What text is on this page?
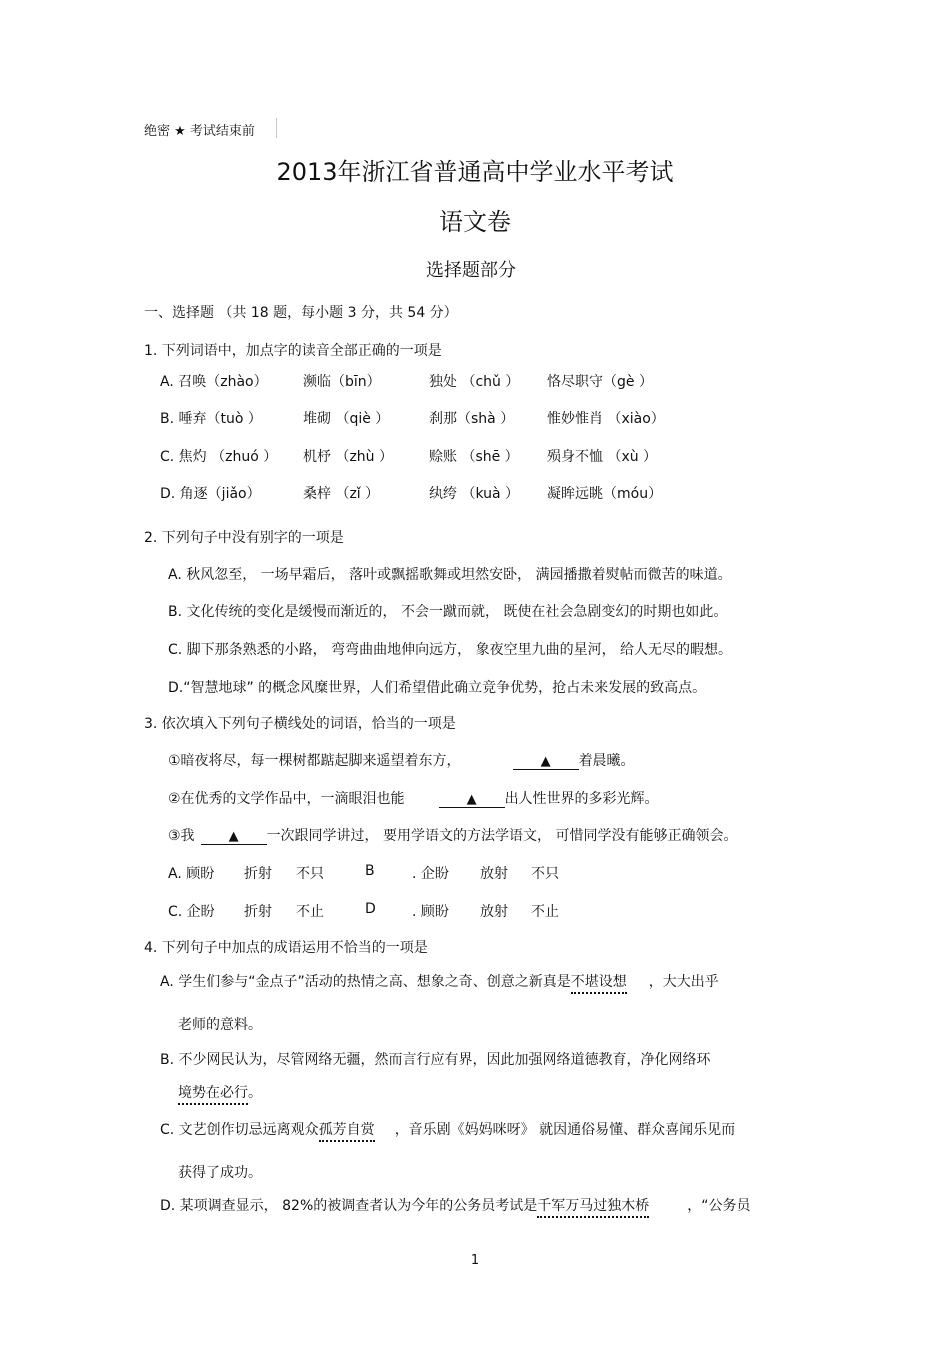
绝密 ★ 考试结束前
2013年浙江省普通高中学业水平考试
语文卷
选择题部分
一、选择题 （共 18 题，每小题 3 分，共 54 分）
1. 下列词语中，加点字的读音全部正确的一项是
A. 召唤（zhào）	濒临（bīn）	独处 （chǔ ） 恪尽职守（gè ）
B. 唾弃（tuò ）	堆砌 （qiè ）	刹那（shà ） 惟妙惟肖 （xiào）
C. 焦灼 （zhuó ） 机杼 （zhù ）	赊账 （shē ） 殒身不恤 （xù ）
D. 角逐（jiǎo）	桑梓 （zǐ ）	纨绔 （kuà ） 凝眸远眺（móu）
2. 下列句子中没有别字的一项是
A. 秋风忽至， 一场早霜后， 落叶或飘摇歌舞或坦然安卧， 满园播撒着熨帖而微苦的味道。
B. 文化传统的变化是缓慢而渐近的， 不会一蹴而就， 既使在社会急剧变幻的时期也如此。
C. 脚下那条熟悉的小路， 弯弯曲曲地伸向远方， 象夜空里九曲的星河， 给人无尽的暇想。
D.“智慧地球” 的概念风糜世界，人们希望借此确立竞争优势，抢占未来发展的致高点。
3. 依次填入下列句子横线处的词语，恰当的一项是
①暗夜将尽，每一棵树都踮起脚来遥望着东方，	▲ 着晨曦。
②在优秀的文学作品中，一滴眼泪也能	▲ 出人性世界的多彩光辉。
③我	▲ 一次跟同学讲过， 要用学语文的方法学语文， 可惜同学没有能够正确领会。
A. 顾盼 折射 不只	B	. 企盼 放射 不只
C. 企盼 折射 不止	D	. 顾盼 放射 不止
4. 下列句子中加点的成语运用不恰当的一项是
A. 学生们参与“金点子”活动的热情之高、想象之奇、创意之新真是不堪设想 ，大大出乎
老师的意料。
B. 不少网民认为，尽管网络无疆，然而言行应有界，因此加强网络道德教育，净化网络环
境势在必行。
C. 文艺创作切忌远离观众孤芳自赏 ，音乐剧《妈妈咪呀》 就因通俗易懂、群众喜闻乐见而
获得了成功。
D. 某项调查显示， 82%的被调查者认为今年的公务员考试是千军万马过独木桥	，“公务员
1
